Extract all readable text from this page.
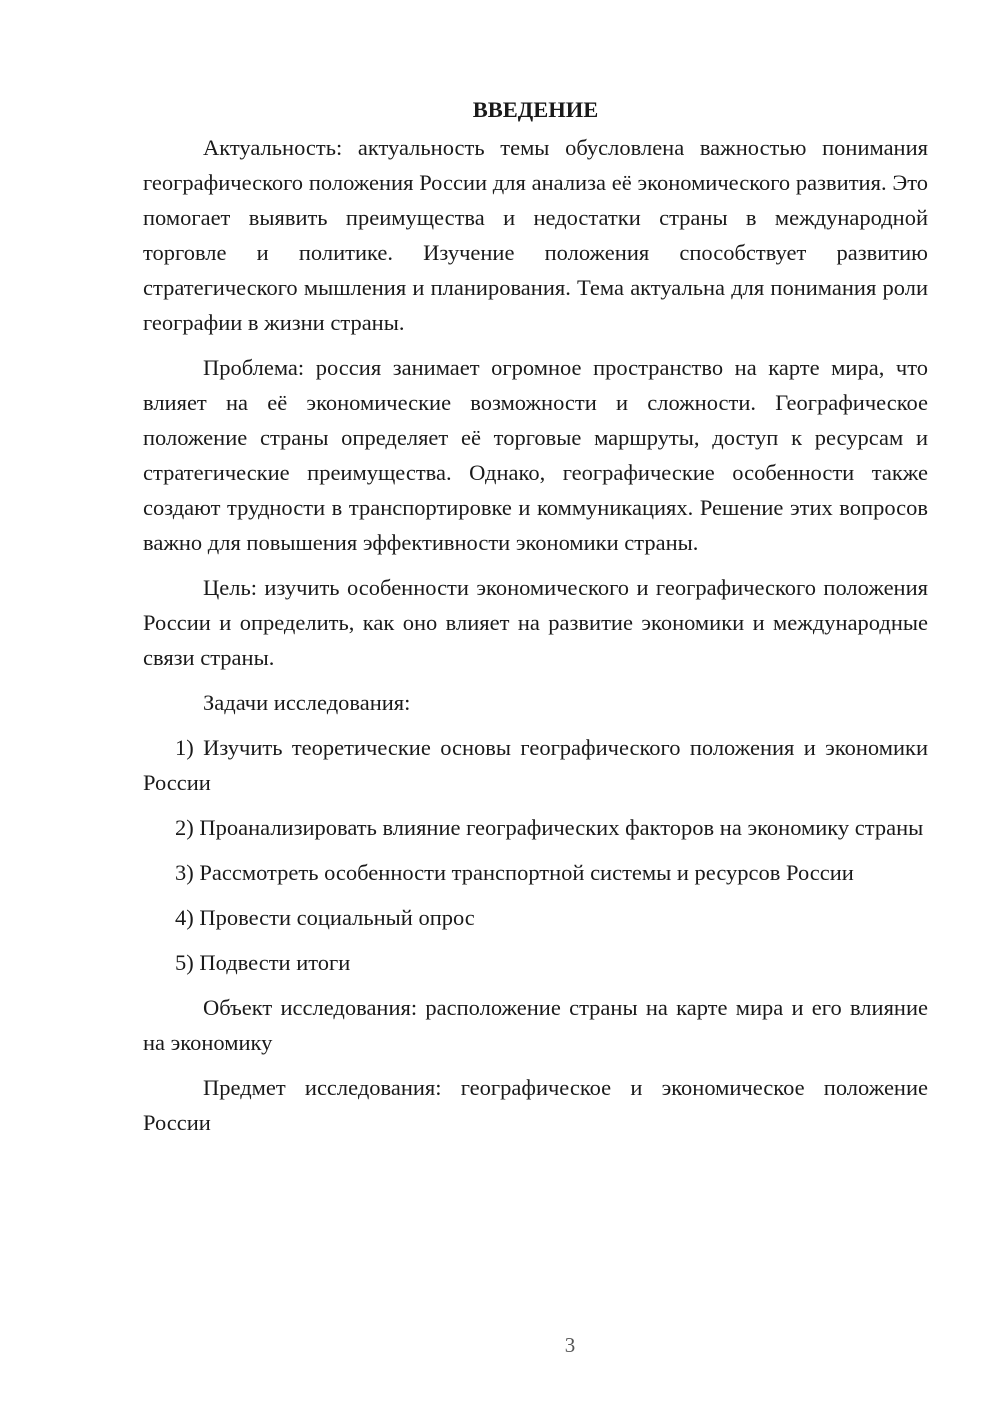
ВВЕДЕНИЕ

Актуальность: актуальность темы обусловлена важностью понимания географического положения России для анализа её экономического развития. Это помогает выявить преимущества и недостатки страны в международной торговле и политике. Изучение положения способствует развитию стратегического мышления и планирования. Тема актуальна для понимания роли географии в жизни страны.

Проблема: россия занимает огромное пространство на карте мира, что влияет на её экономические возможности и сложности. Географическое положение страны определяет её торговые маршруты, доступ к ресурсам и стратегические преимущества. Однако, географические особенности также создают трудности в транспортировке и коммуникациях. Решение этих вопросов важно для повышения эффективности экономики страны.

Цель: изучить особенности экономического и географического положения России и определить, как оно влияет на развитие экономики и международные связи страны.

Задачи исследования:

1) Изучить теоретические основы географического положения и экономики России

2) Проанализировать влияние географических факторов на экономику страны

3) Рассмотреть особенности транспортной системы и ресурсов России

4) Провести социальный опрос

5) Подвести итоги

Объект исследования: расположение страны на карте мира и его влияние на экономику

Предмет исследования: географическое и экономическое положение России

3
